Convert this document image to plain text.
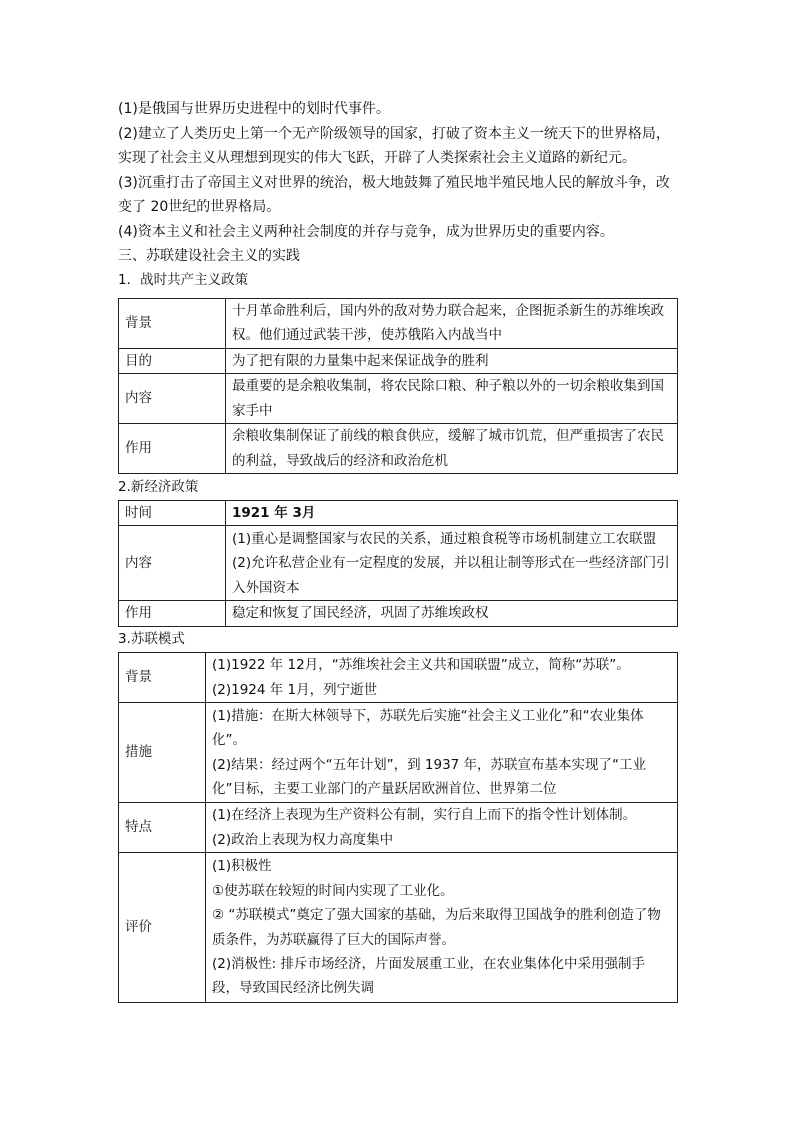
(1)是俄国与世界历史进程中的划时代事件。

(2)建立了人类历史上第一个无产阶级领导的国家，打破了资本主义一统天下的世界格局，实现了社会主义从理想到现实的伟大飞跃，开辟了人类探索社会主义道路的新纪元。

(3)沉重打击了帝国主义对世界的统治，极大地鼓舞了殖民地半殖民地人民的解放斗争，改变了 20世纪的世界格局。

(4)资本主义和社会主义两种社会制度的并存与竞争，成为世界历史的重要内容。

三、苏联建设社会主义的实践

1．战时共产主义政策

背景	十月革命胜利后，国内外的敌对势力联合起来，企图扼杀新生的苏维埃政权。他们通过武装干涉，使苏俄陷入内战当中

目的	为了把有限的力量集中起来保证战争的胜利

内容	最重要的是余粮收集制，将农民除口粮、种子粮以外的一切余粮收集到国家手中

作用	余粮收集制保证了前线的粮食供应，缓解了城市饥荒，但严重损害了农民的利益，导致战后的经济和政治危机

2.新经济政策

时间	1921 年 3月

内容	(1)重心是调整国家与农民的关系，通过粮食税等市场机制建立工农联盟
(2)允许私营企业有一定程度的发展，并以租让制等形式在一些经济部门引入外国资本

作用	稳定和恢复了国民经济，巩固了苏维埃政权

3.苏联模式

背景	(1)1922 年 12月，“苏维埃社会主义共和国联盟”成立，简称“苏联”。
(2)1924 年 1月，列宁逝世

措施	(1)措施：在斯大林领导下，苏联先后实施“社会主义工业化”和“农业集体化”。
(2)结果：经过两个“五年计划”，到 1937 年，苏联宣布基本实现了“工业化”目标，主要工业部门的产量跃居欧洲首位、世界第二位

特点	(1)在经济上表现为生产资料公有制，实行自上而下的指令性计划体制。
(2)政治上表现为权力高度集中

评价	(1)积极性
①使苏联在较短的时间内实现了工业化。
② “苏联模式”奠定了强大国家的基础，为后来取得卫国战争的胜利创造了物质条件，为苏联赢得了巨大的国际声誉。
(2)消极性: 排斥市场经济，片面发展重工业，在农业集体化中采用强制手段，导致国民经济比例失调
